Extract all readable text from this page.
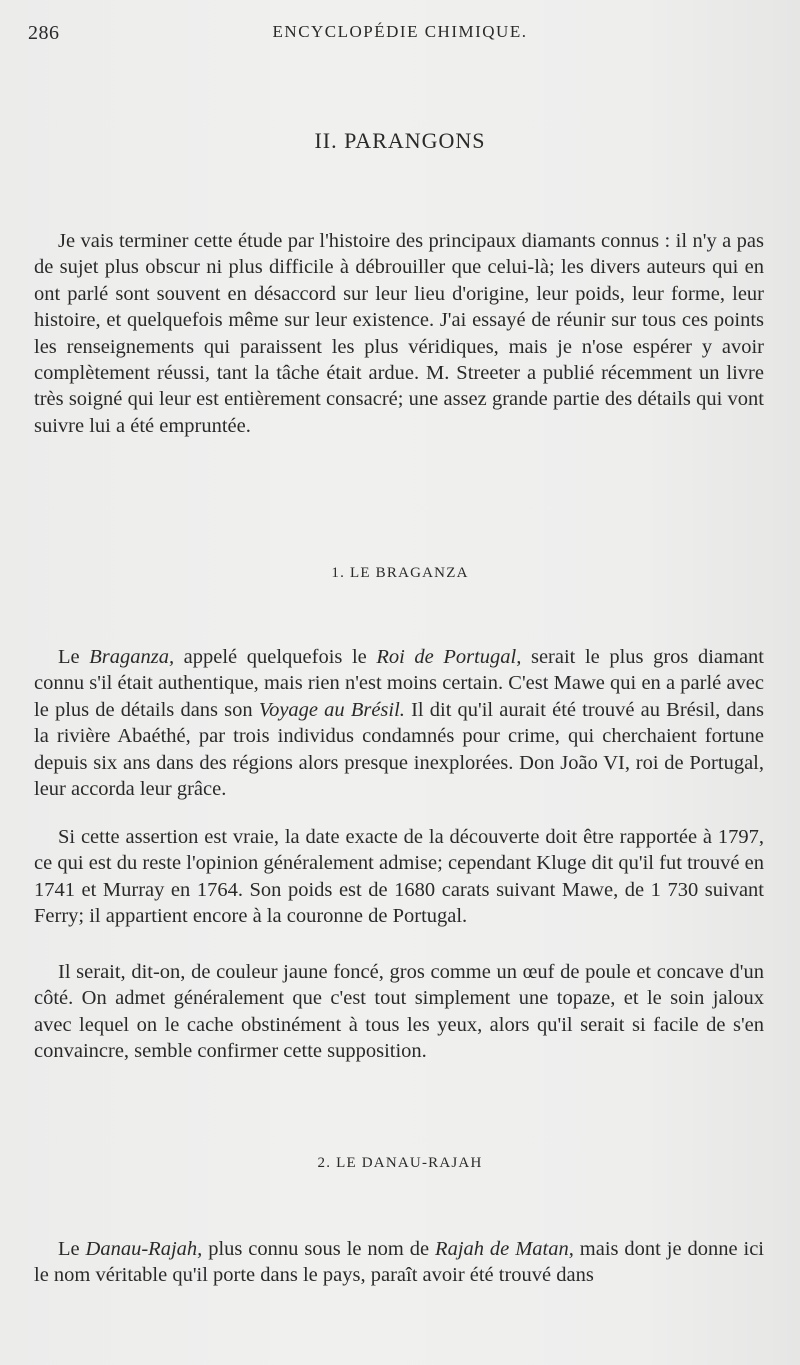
286	ENCYCLOPÉDIE CHIMIQUE.
II. PARANGONS

Je vais terminer cette étude par l'histoire des principaux diamants connus : il n'y a pas de sujet plus obscur ni plus difficile à débrouiller que celui-là; les divers auteurs qui en ont parlé sont souvent en désaccord sur leur lieu d'origine, leur poids, leur forme, leur histoire, et quelquefois même sur leur existence. J'ai essayé de réunir sur tous ces points les renseignements qui paraissent les plus véridiques, mais je n'ose espérer y avoir complètement réussi, tant la tâche était ardue. M. Streeter a publié récemment un livre très soigné qui leur est entièrement consacré; une assez grande partie des détails qui vont suivre lui a été empruntée.

1. LE BRAGANZA

Le Braganza, appelé quelquefois le Roi de Portugal, serait le plus gros diamant connu s'il était authentique, mais rien n'est moins certain. C'est Mawe qui en a parlé avec le plus de détails dans son Voyage au Brésil. Il dit qu'il aurait été trouvé au Brésil, dans la rivière Abaéthé, par trois individus condamnés pour crime, qui cherchaient fortune depuis six ans dans des régions alors presque inexplorées. Don João VI, roi de Portugal, leur accorda leur grâce.

Si cette assertion est vraie, la date exacte de la découverte doit être rapportée à 1797, ce qui est du reste l'opinion généralement admise; cependant Kluge dit qu'il fut trouvé en 1741 et Murray en 1764. Son poids est de 1680 carats suivant Mawe, de 1 730 suivant Ferry; il appartient encore à la couronne de Portugal.

Il serait, dit-on, de couleur jaune foncé, gros comme un œuf de poule et concave d'un côté. On admet généralement que c'est tout simplement une topaze, et le soin jaloux avec lequel on le cache obstinément à tous les yeux, alors qu'il serait si facile de s'en convaincre, semble confirmer cette supposition.

2. LE DANAU-RAJAH

Le Danau-Rajah, plus connu sous le nom de Rajah de Matan, mais dont je donne ici le nom véritable qu'il porte dans le pays, paraît avoir été trouvé dans
